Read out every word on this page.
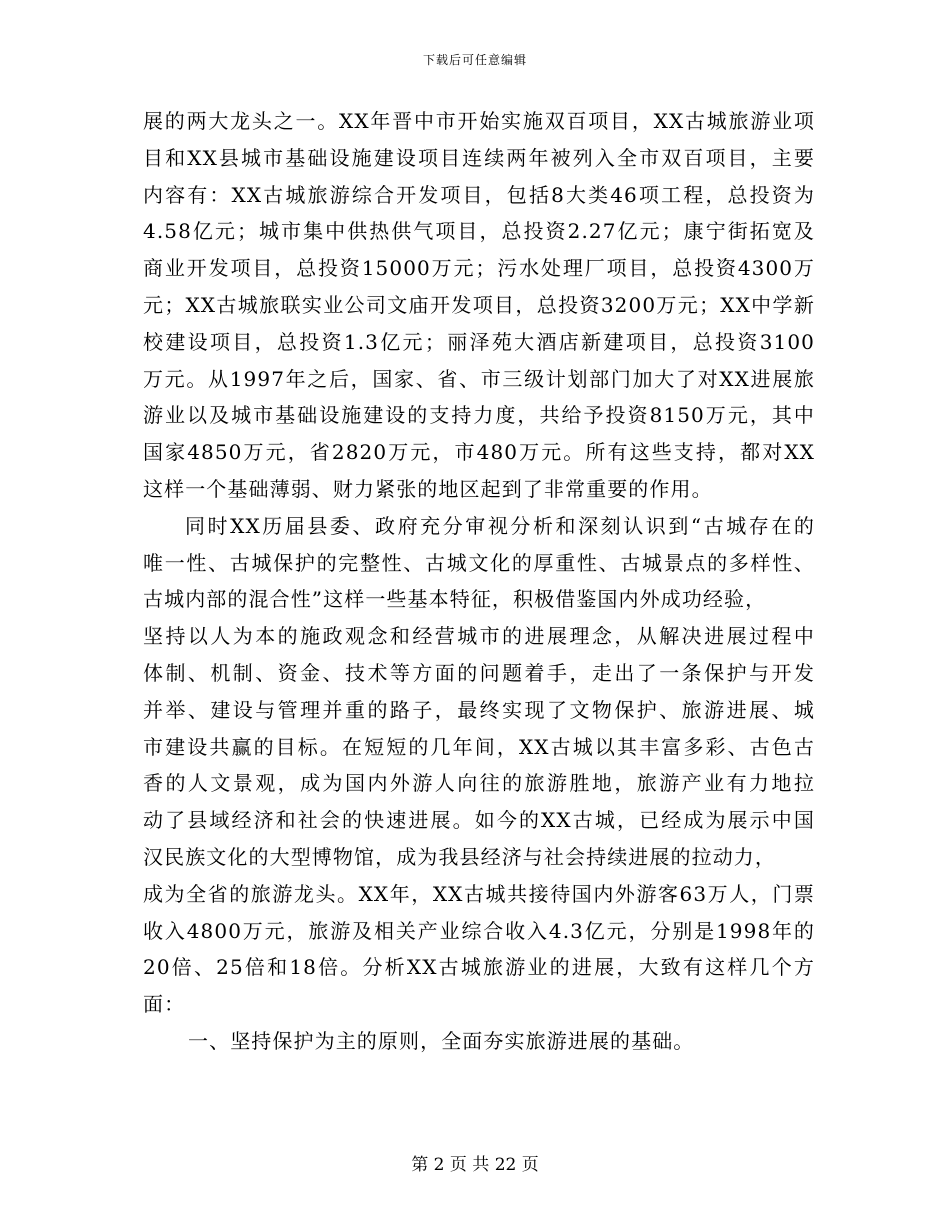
下载后可任意编辑
展的两大龙头之一。XX年晋中市开始实施双百项目，XX古城旅游业项
目和XX县城市基础设施建设项目连续两年被列入全市双百项目，主要
内容有：XX古城旅游综合开发项目，包括8大类46项工程，总投资为
4.58亿元；城市集中供热供气项目，总投资2.27亿元；康宁街拓宽及
商业开发项目，总投资15000万元；污水处理厂项目，总投资4300万
元；XX古城旅联实业公司文庙开发项目，总投资3200万元；XX中学新
校建设项目，总投资1.3亿元；丽泽苑大酒店新建项目，总投资3100
万元。从1997年之后，国家、省、市三级计划部门加大了对XX进展旅
游业以及城市基础设施建设的支持力度，共给予投资8150万元，其中
国家4850万元，省2820万元，市480万元。所有这些支持，都对XX
这样一个基础薄弱、财力紧张的地区起到了非常重要的作用。
同时XX历届县委、政府充分审视分析和深刻认识到“古城存在的
唯一性、古城保护的完整性、古城文化的厚重性、古城景点的多样性、
古城内部的混合性”这样一些基本特征，积极借鉴国内外成功经验，
坚持以人为本的施政观念和经营城市的进展理念，从解决进展过程中
体制、机制、资金、技术等方面的问题着手，走出了一条保护与开发
并举、建设与管理并重的路子，最终实现了文物保护、旅游进展、城
市建设共赢的目标。在短短的几年间，XX古城以其丰富多彩、古色古
香的人文景观，成为国内外游人向往的旅游胜地，旅游产业有力地拉
动了县域经济和社会的快速进展。如今的XX古城，已经成为展示中国
汉民族文化的大型博物馆，成为我县经济与社会持续进展的拉动力，
成为全省的旅游龙头。XX年，XX古城共接待国内外游客63万人，门票
收入4800万元，旅游及相关产业综合收入4.3亿元，分别是1998年的
20倍、25倍和18倍。分析XX古城旅游业的进展，大致有这样几个方
面：
一、坚持保护为主的原则，全面夯实旅游进展的基础。
第 2 页 共 22 页
